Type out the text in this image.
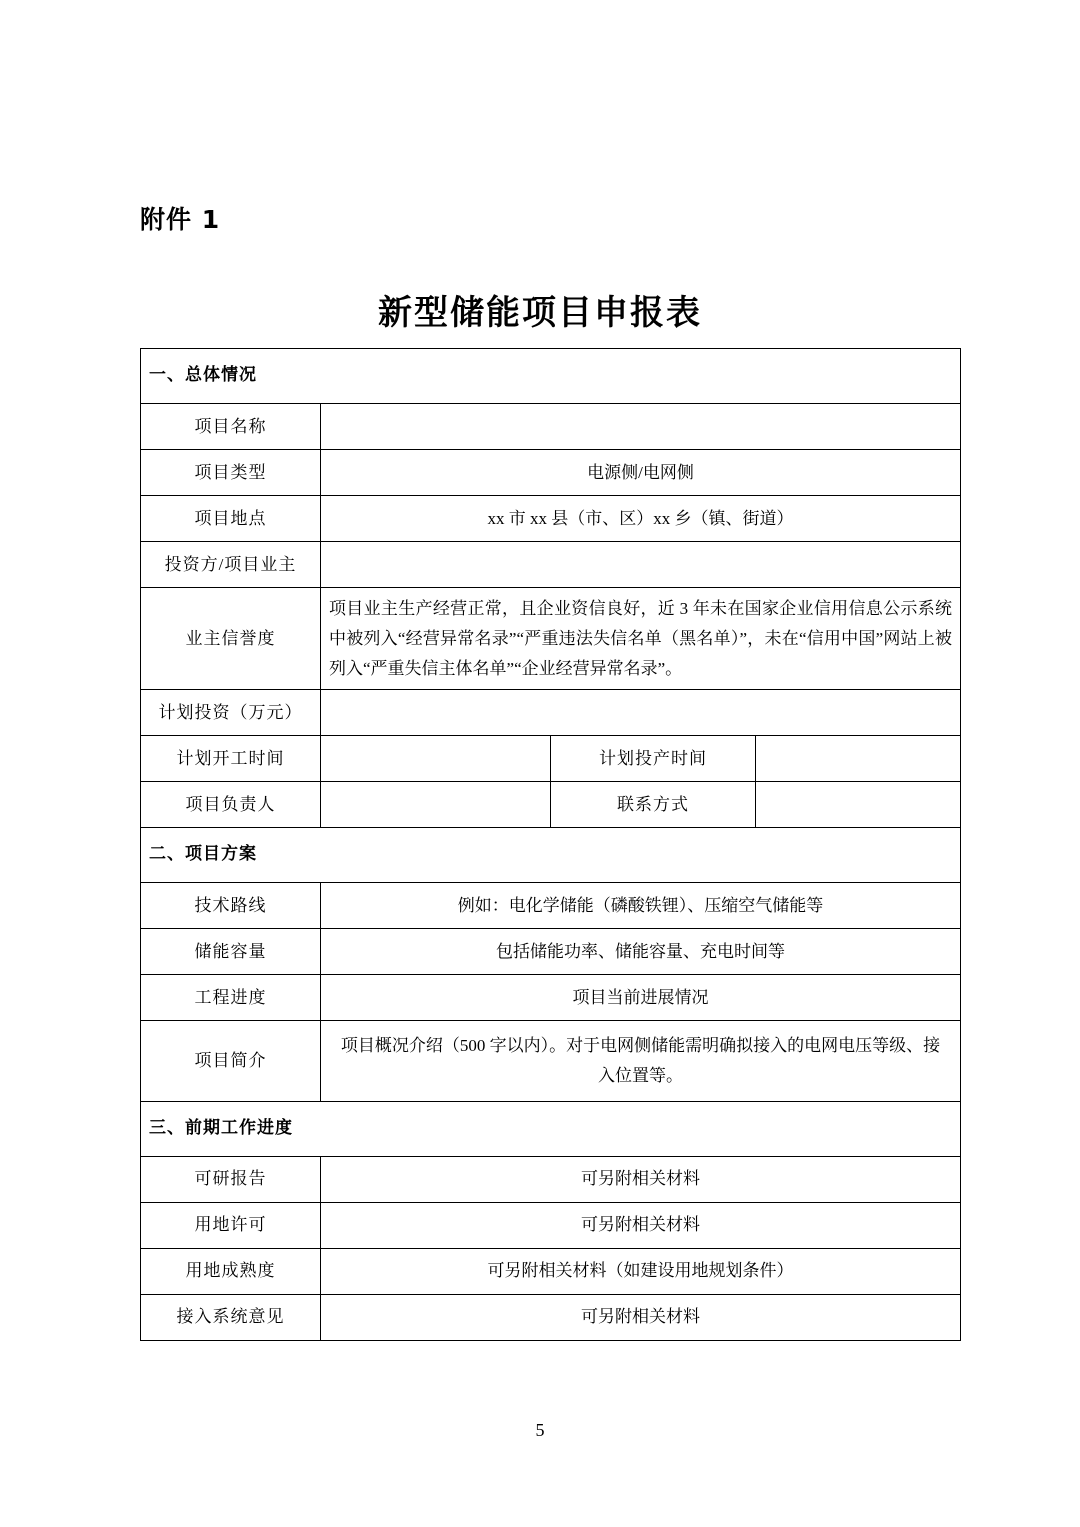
附件 1
新型储能项目申报表
一、总体情况			
项目名称			
项目类型	电源侧/电网侧		
项目地点	xx 市 xx 县（市、区）xx 乡（镇、街道）		
投资方/项目业主			
业主信誉度	项目业主生产经营正常，且企业资信良好，近 3 年未在国家企业信用信息公示系统中被列入“经营异常名录”“严重违法失信名单（黑名单）”，未在“信用中国”网站上被列入“严重失信主体名单”“企业经营异常名录”。		
计划投资（万元）			
计划开工时间		计划投产时间	
项目负责人		联系方式	
二、项目方案			
技术路线	例如：电化学储能（磷酸铁锂）、压缩空气储能等		
储能容量	包括储能功率、储能容量、充电时间等		
工程进度	项目当前进展情况		
项目简介	项目概况介绍（500 字以内）。对于电网侧储能需明确拟接入的电网电压等级、接入位置等。		
三、前期工作进度			
可研报告	可另附相关材料		
用地许可	可另附相关材料		
用地成熟度	可另附相关材料（如建设用地规划条件）		
接入系统意见	可另附相关材料		
5
